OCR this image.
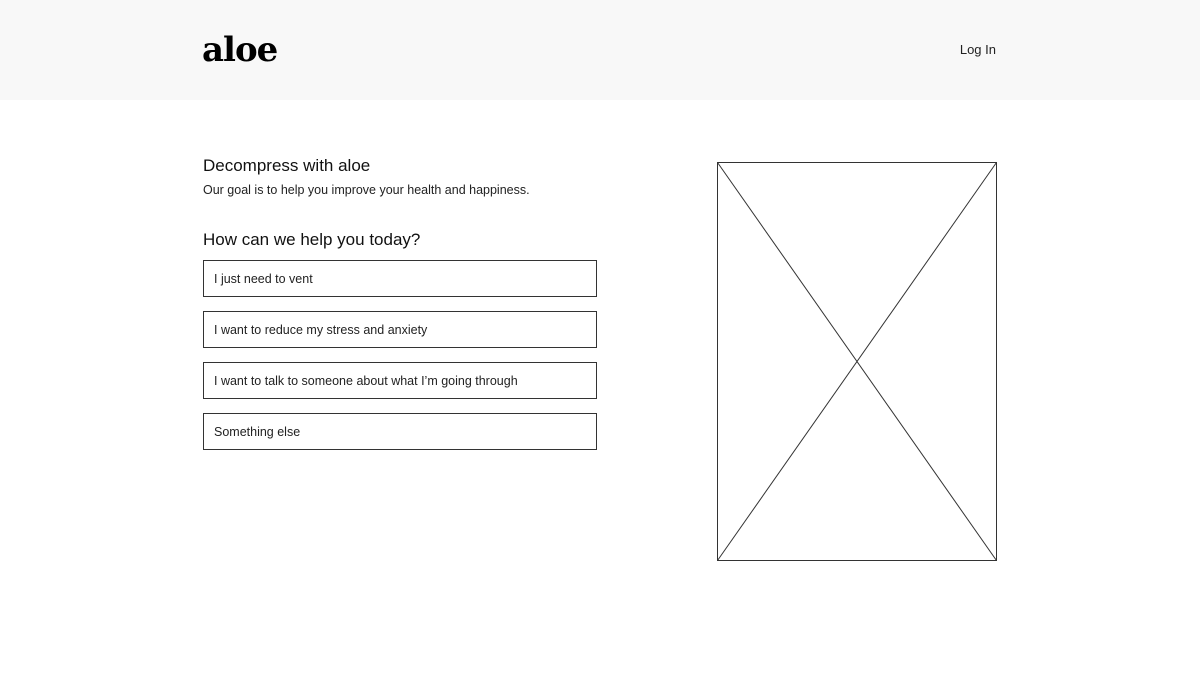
aloe	Log In
Decompress with aloe

Our goal is to help you improve your health and happiness.

How can we help you today?
I just need to vent
I want to reduce my stress and anxiety
I want to talk to someone about what I’m going through
Something else
